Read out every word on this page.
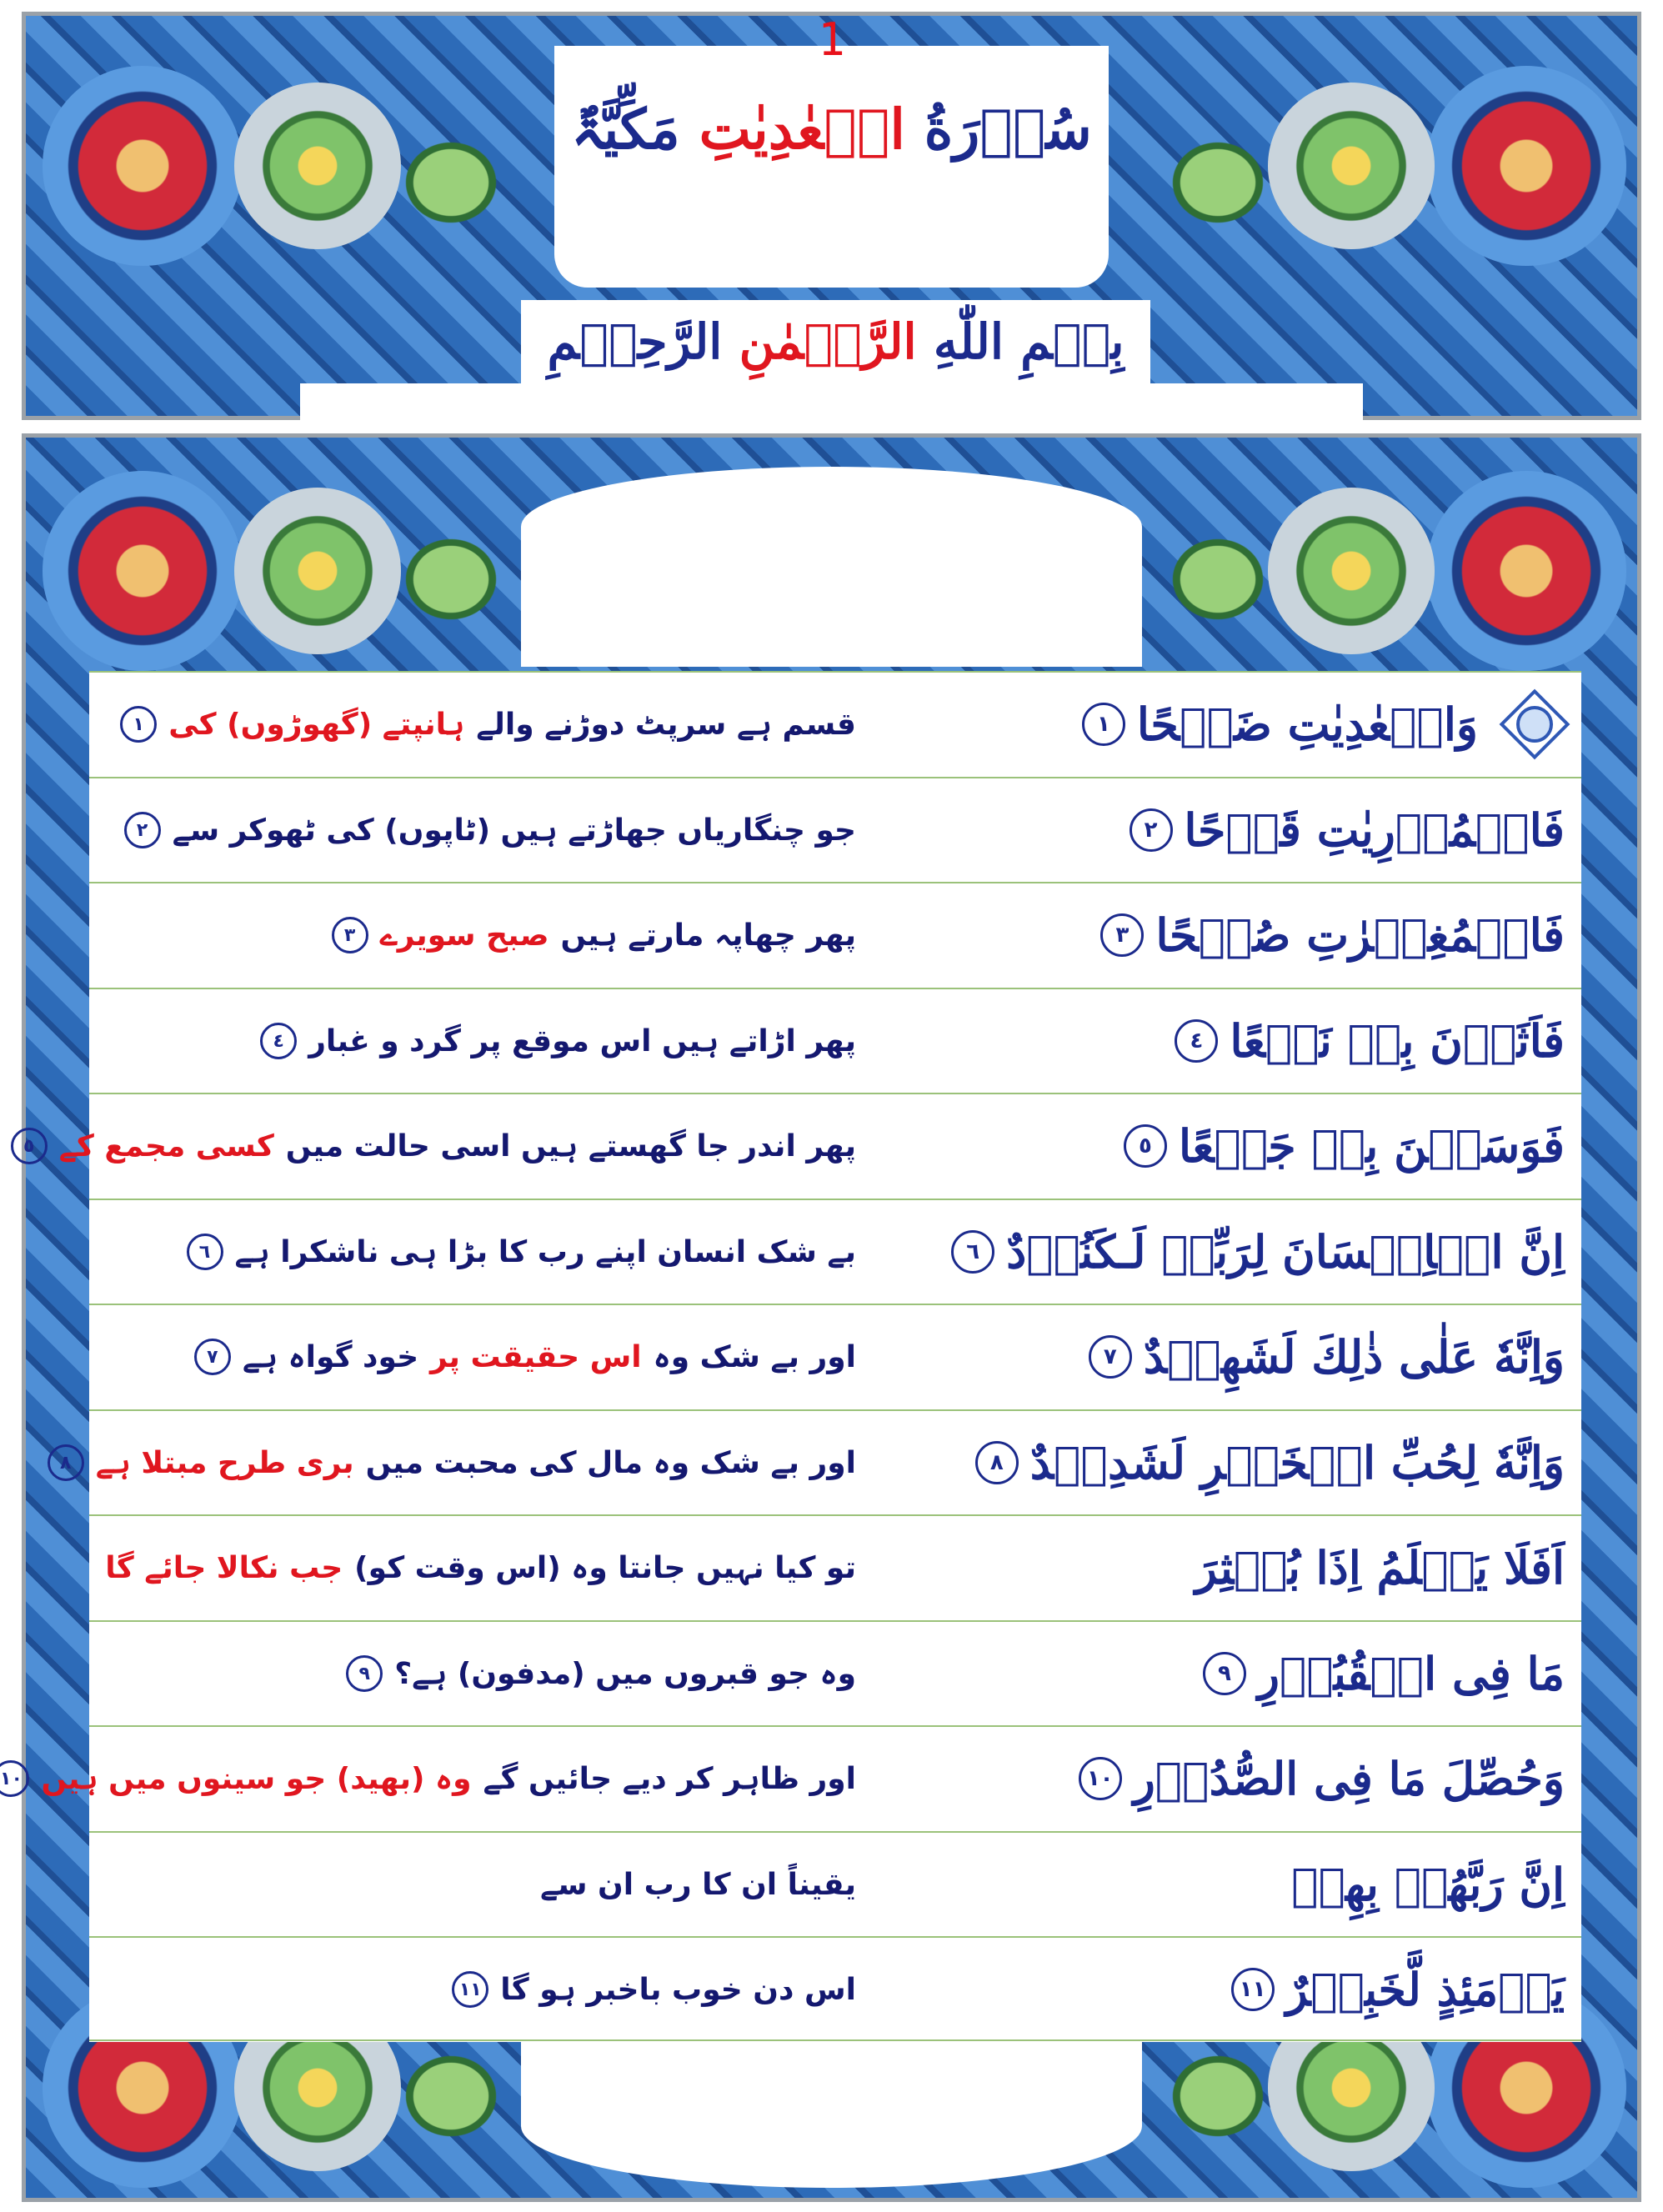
1
سُوۡرَةُ الۡعٰدِیٰتِ مَکِّیَّۃٌ
بِسۡمِ اللّٰهِ الرَّحۡمٰنِ الرَّحِیۡمِ
وَالۡعٰدِیٰتِ ضَبۡحًا
١
قسم ہے سرپٹ دوڑنے والے
ہانپتے (گھوڑوں) کی
١
فَالۡمُوۡرِیٰتِ قَدۡحًا
٢
جو چنگاریاں جھاڑتے ہیں (ٹاپوں) کی ٹھوکر سے
٢
فَالۡمُغِیۡرٰتِ صُبۡحًا
٣
پھر چھاپہ مارتے ہیں
صبح سویرے
٣
فَاَثَرۡنَ بِهٖ نَقۡعًا
٤
پھر اڑاتے ہیں اس موقع پر گرد و غبار
٤
فَوَسَطۡنَ بِهٖ جَمۡعًا
٥
پھر اندر جا گھستے ہیں اسی حالت میں
کسی مجمع کے
٥
اِنَّ الۡاِنۡسَانَ لِرَبِّهٖ لَـكَنُوۡدٌ
٦
بے شک انسان اپنے رب کا بڑا ہی ناشکرا ہے
٦
وَاِنَّهٗ عَلٰی ذٰلِكَ لَشَهِیۡدٌ
٧
اور بے شک وہ
اس حقیقت پر
خود گواہ ہے
٧
وَاِنَّهٗ لِحُبِّ الۡخَیۡرِ لَشَدِیۡدٌ
٨
اور بے شک وہ مال کی محبت میں
بری طرح مبتلا ہے
٨
اَفَلَا یَعۡلَمُ اِذَا بُعۡثِرَ
تو کیا نہیں جانتا وہ (اس وقت کو)
جب نکالا جائے گا
مَا فِی الۡقُبُوۡرِ
٩
وہ جو قبروں میں (مدفون) ہے؟
٩
وَحُصِّلَ مَا فِی الصُّدُوۡرِ
١٠
اور ظاہر کر دیے جائیں گے
وہ (بھید) جو سینوں میں ہیں
١٠
اِنَّ رَبَّهُمۡ بِهِمۡ
یقیناً ان کا رب ان سے
یَوۡمَئِذٍ لَّخَبِیۡرٌ
١١
اس دن خوب باخبر ہو گا
١١
